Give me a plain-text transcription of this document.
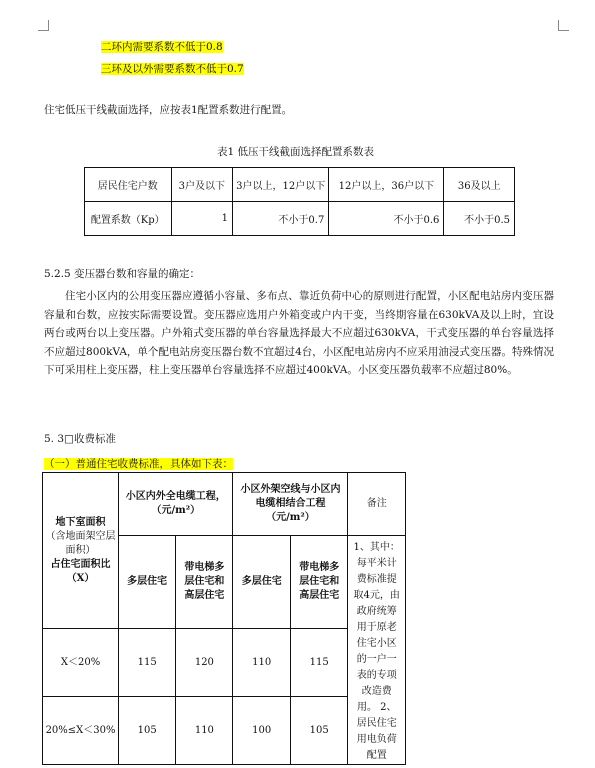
二环内需要系数不低于0.8
三环及以外需要系数不低于0.7
住宅低压干线截面选择，应按表1配置系数进行配置。
表1 低压干线截面选择配置系数表
居民住宅户数	3户及以下	3户以上，12户以下	12户以上，36户以下	36及以上
配置系数（Kp）	1	不小于0.7	不小于0.6	不小于0.5
5.2.5 变压器台数和容量的确定：
住宅小区内的公用变压器应遵循小容量、多布点、靠近负荷中心的原则进行配置，小区配电站房内变压器容量和台数，应按实际需要设置。变压器应选用户外箱变或户内干变，当终期容量在630kVA及以上时，宜设两台或两台以上变压器。户外箱式变压器的单台容量选择最大不应超过630kVA，干式变压器的单台容量选择不应超过800kVA，单个配电站房变压器台数不宜超过4台，小区配电站房内不应采用油浸式变压器。特殊情况下可采用柱上变压器，柱上变压器单台容量选择不应超过400kVA。小区变压器负载率不应超过80%。
5. 3□收费标准
（一）普通住宅收费标准，具体如下表：
地下室面积
（含地面架空层面积）
占住宅面积比（X）	小区内外全电缆工程，（元/m²）		小区外架空线与小区内电缆相结合工程（元/m²）		备注
	多层住宅	带电梯多层住宅和高层住宅	多层住宅	带电梯多层住宅和高层住宅	1、其中：每平米计费标准提取4元，由政府统筹用于原老住宅小区的一户一表的专项改造费用。 2、居民住宅用电负荷配置
X＜20%	115	120	110	115	
20%≤X＜30%	105	110	100	105	
